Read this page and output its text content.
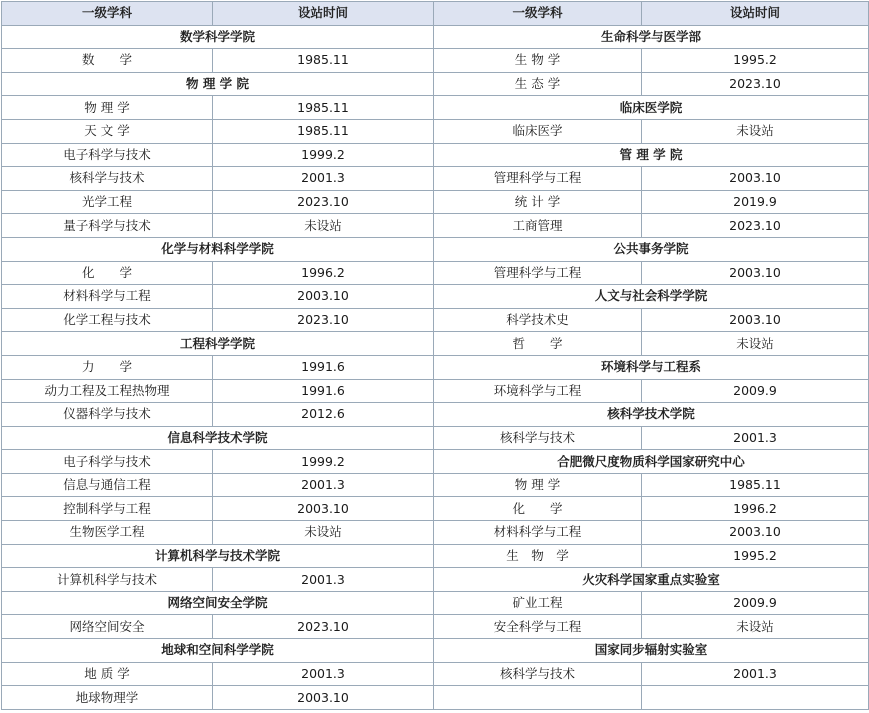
一级学科	设站时间	一级学科	设站时间
数学科学学院		生命科学与医学部	
数　　学	1985.11	生 物 学	1995.2
物 理 学 院		生 态 学	2023.10
物 理 学	1985.11	临床医学院	
天 文 学	1985.11	临床医学	未设站
电子科学与技术	1999.2	管 理 学 院	
核科学与技术	2001.3	管理科学与工程	2003.10
光学工程	2023.10	统 计 学	2019.9
量子科学与技术	未设站	工商管理	2023.10
化学与材料科学学院		公共事务学院	
化　　学	1996.2	管理科学与工程	2003.10
材料科学与工程	2003.10	人文与社会科学学院	
化学工程与技术	2023.10	科学技术史	2003.10
工程科学学院		哲　　学	未设站
力　　学	1991.6	环境科学与工程系	
动力工程及工程热物理	1991.6	环境科学与工程	2009.9
仪器科学与技术	2012.6	核科学技术学院	
信息科学技术学院		核科学与技术	2001.3
电子科学与技术	1999.2	合肥微尺度物质科学国家研究中心	
信息与通信工程	2001.3	物 理 学	1985.11
控制科学与工程	2003.10	化　　学	1996.2
生物医学工程	未设站	材料科学与工程	2003.10
计算机科学与技术学院		生　物　学	1995.2
计算机科学与技术	2001.3	火灾科学国家重点实验室	
网络空间安全学院		矿业工程	2009.9
网络空间安全	2023.10	安全科学与工程	未设站
地球和空间科学学院		国家同步辐射实验室	
地 质 学	2001.3	核科学与技术	2001.3
地球物理学	2003.10		
